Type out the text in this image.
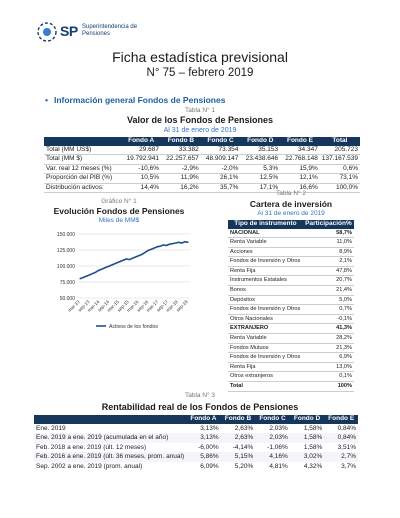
SP Superintendencia de Pensiones
Ficha estadística previsional
N° 75 – febrero 2019
• Información general Fondos de Pensiones
Tabla N° 1
Valor de los Fondos de Pensiones
Al 31 de enero de 2019
	Fondo A	Fondo B	Fondo C	Fondo D	Fondo E	Total
Total (MM US$)	29.687	33.382	73.354	35.153	34.347	205.723
Total (MM $)	19.792.941	22.257.657	48.909.147	23.438.646	22.768.148	137.167.539
Var. real 12 meses (%)	-10,6%	-2,9%	-2,0%	5,3%	15,9%	0,6%
Proporción del PIB (%)	10,5%	11,9%	26,1%	12,5%	12,1%	73,1%
Distribución activos:	14,4%	16,2%	35,7%	17,1%	16,6%	100,0%
Gráfico N° 1
Evolución Fondos de Pensiones
Miles de MM$
150.000
125.000
100.000
75.000
50.000
mar-13
sep-13
mar-14
sep-14
mar-15
sep-15
mar-16
sep-16
mar-17
sep-17
mar-18
sep-18
Activos de los fondos
Tabla N° 2
Cartera de inversión
Al 31 de enero de 2019
Tipo de instrumento	Participación%
NACIONAL	58,7%
Renta Variable	11,0%
Acciones	8,9%
Fondos de Inversión y Otros	2,1%
Renta Fija	47,8%
Instrumentos Estatales	20,7%
Bonos	21,4%
Depósitos	5,0%
Fondos de Inversión y Otros	0,7%
Otros Nacionales	-0,1%
EXTRANJERO	41,3%
Renta Variable	28,2%
Fondos Mutuos	21,3%
Fondos de Inversión y Otros	6,9%
Renta Fija	13,0%
Otros extranjeros	0,1%
Total	100%
Tabla N° 3
Rentabilidad real de los Fondos de Pensiones
	Fondo A	Fondo B	Fondo C	Fondo D	Fondo E
Ene. 2019	3,13%	2,63%	2,03%	1,58%	0,84%
Ene. 2019 a ene. 2019 (acumulada en el año)	3,13%	2,63%	2,03%	1,58%	0,84%
Feb. 2018 a ene. 2019 (últ. 12 meses)	-6,00%	-4,14%	-1,06%	1,58%	3,51%
Feb. 2016 a ene. 2019 (últ. 36 meses, prom. anual)	5,86%	5,15%	4,16%	3,02%	2,7%
Sep. 2002 a ene. 2019 (prom. anual)	6,09%	5,20%	4,81%	4,32%	3,7%
